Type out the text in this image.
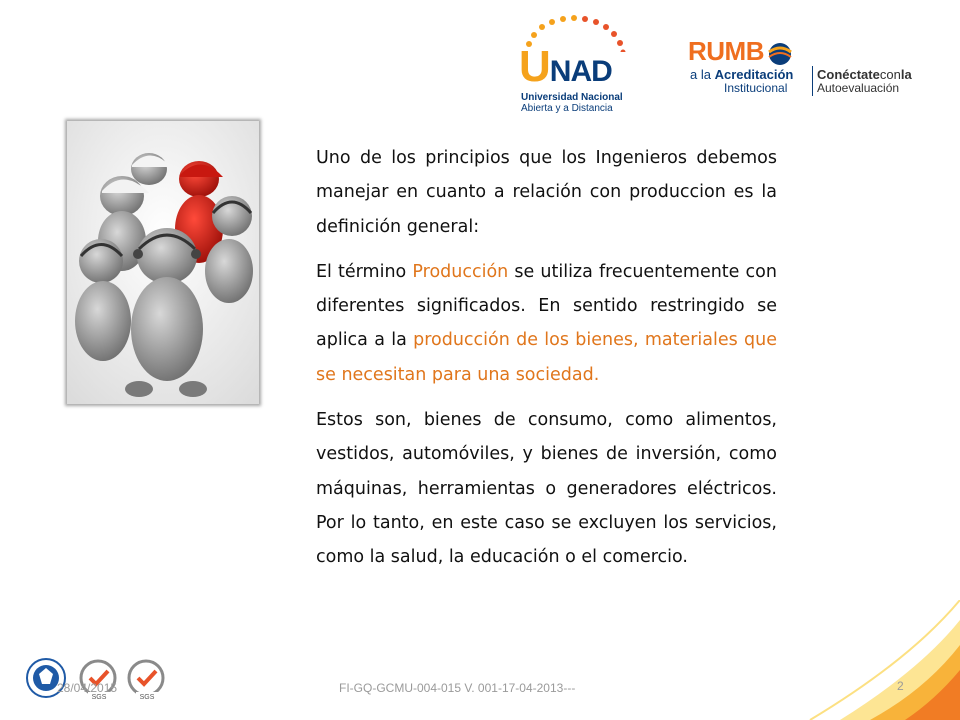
UNAD
Universidad Nacional
Abierta y a Distancia
RUMB
a la Acreditación
Institucional
Conéctateconla
Autoevaluación

Uno de los principios que los Ingenieros debemos manejar en cuanto a relación con produccion es la definición general:

El término Producción se utiliza frecuentemente con diferentes significados. En sentido restringido se aplica a la producción de los bienes, materiales que se necesitan para una sociedad.

Estos son, bienes de consumo, como alimentos, vestidos, automóviles, y bienes de inversión, como máquinas, herramientas o generadores eléctricos. Por lo tanto, en este caso se excluyen los servicios, como la salud, la educación o el comercio.

SGS	SGS
28/04/2015	FI-GQ-GCMU-004-015 V. 001-17-04-2013---	2
